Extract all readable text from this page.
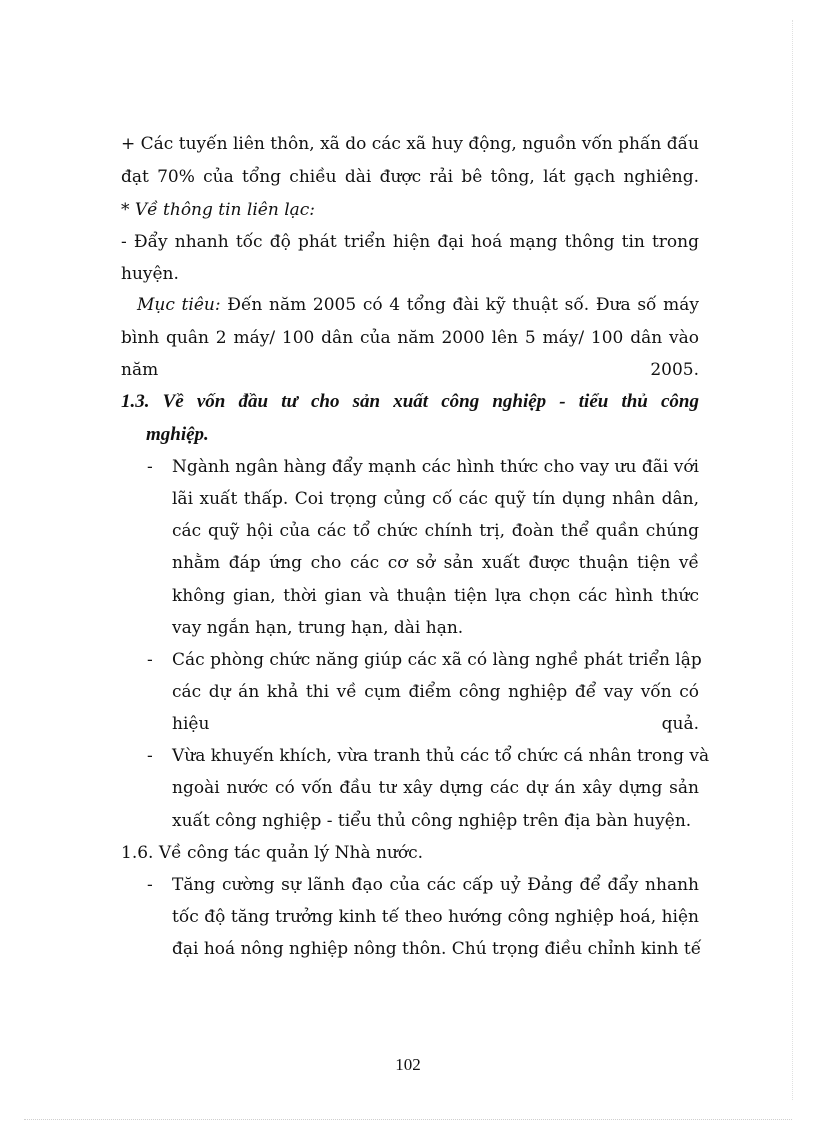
+ Các tuyến liên thôn, xã do các xã huy động, nguồn vốn phấn đấu
đạt 70% của tổng chiều dài được rải bê tông, lát gạch nghiêng.
* Về thông tin liên lạc:
- Đẩy nhanh tốc độ phát triển hiện đại hoá mạng thông tin trong
huyện.
Mục tiêu: Đến năm 2005 có 4 tổng đài kỹ thuật số. Đưa số máy
bình quân 2 máy/ 100 dân của năm 2000 lên 5 máy/ 100 dân vào
năm	2005.
1.3. Về vốn đầu tư cho sản xuất công nghiệp - tiểu thủ công
mghiệp.
- Ngành ngân hàng đẩy mạnh các hình thức cho vay ưu đãi với
lãi xuất thấp. Coi trọng củng cố các quỹ tín dụng nhân dân,
các quỹ hội của các tổ chức chính trị, đoàn thể quần chúng
nhằm đáp ứng cho các cơ sở sản xuất được thuận tiện về
không gian, thời gian và thuận tiện lựa chọn các hình thức
vay ngắn hạn, trung hạn, dài hạn.
- Các phòng chức năng giúp các xã có làng nghề phát triển lập
các dự án khả thi về cụm điểm công nghiệp để vay vốn có
hiệu	quả.
- Vừa khuyến khích, vừa tranh thủ các tổ chức cá nhân trong và
ngoài nước có vốn đầu tư xây dựng các dự án xây dựng sản
xuất công nghiệp - tiểu thủ công nghiệp trên địa bàn huyện.
1.6. Về công tác quản lý Nhà nước.
- Tăng cường sự lãnh đạo của các cấp uỷ Đảng để đẩy nhanh
tốc độ tăng trưởng kinh tế theo hướng công nghiệp hoá, hiện
đại hoá nông nghiệp nông thôn. Chú trọng điều chỉnh kinh tế
102
